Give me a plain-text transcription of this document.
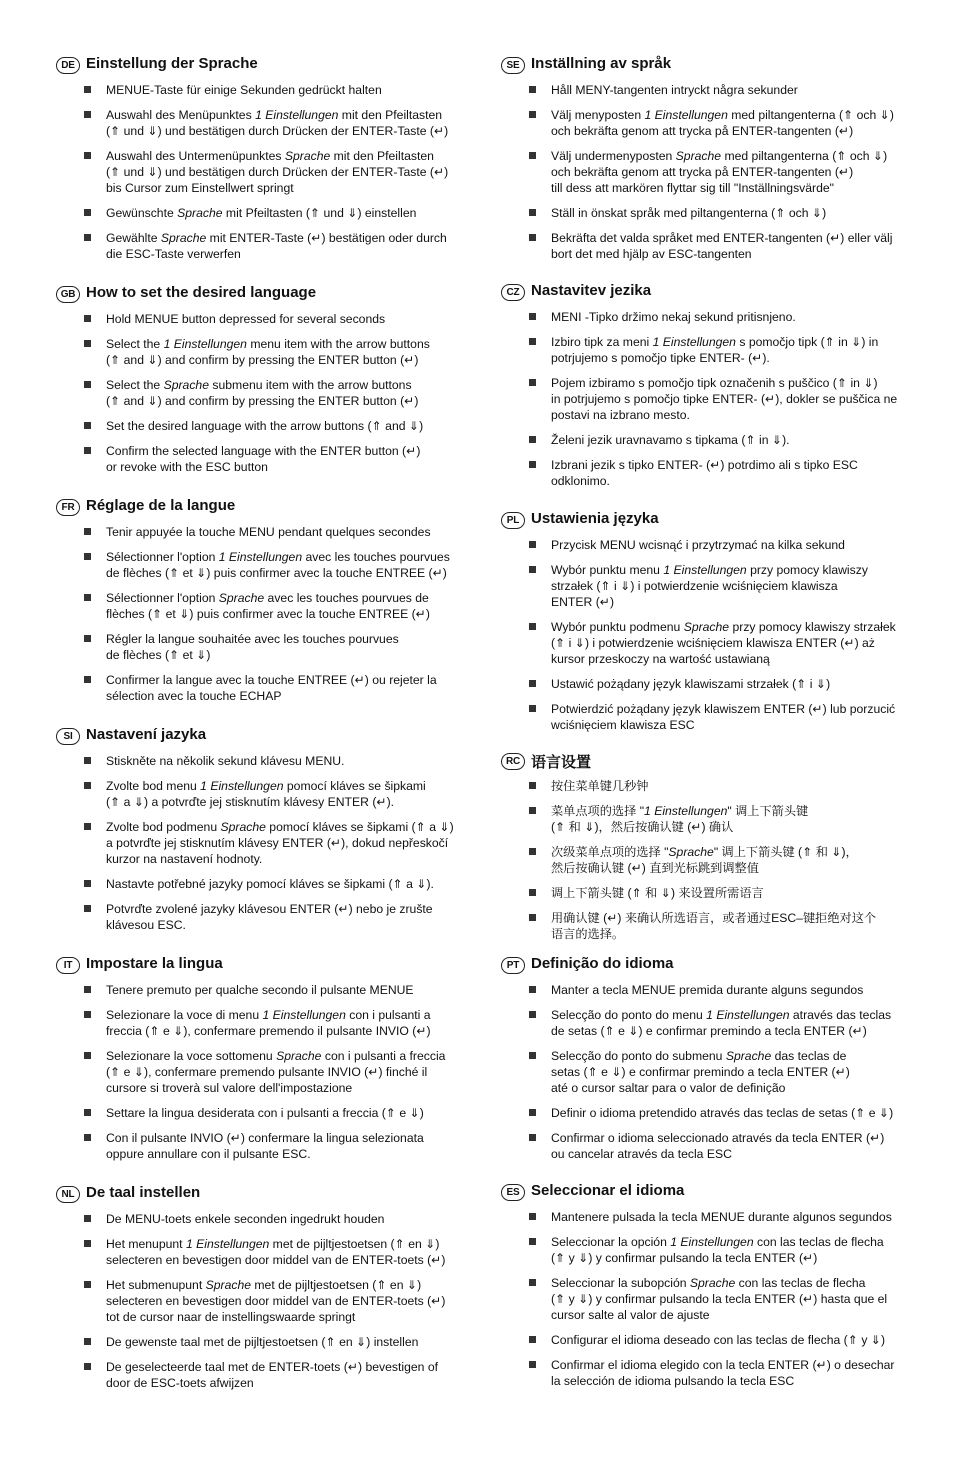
DE Einstellung der Sprache
MENUE-Taste für einige Sekunden gedrückt halten
Auswahl des Menüpunktes 1 Einstellungen mit den Pfeiltasten
(⇑ und ⇓) und bestätigen durch Drücken der ENTER-Taste (↵)
Auswahl des Untermenüpunktes Sprache mit den Pfeiltasten
(⇑ und ⇓) und bestätigen durch Drücken der ENTER-Taste (↵)
bis Cursor zum Einstellwert springt
Gewünschte Sprache mit Pfeiltasten (⇑ und ⇓) einstellen
Gewählte Sprache mit ENTER-Taste (↵) bestätigen oder durch
die ESC-Taste verwerfen
GB How to set the desired language
Hold MENUE button depressed for several seconds
Select the 1 Einstellungen menu item with the arrow buttons
(⇑ and ⇓) and confirm by pressing the ENTER button (↵)
Select the Sprache submenu item with the arrow buttons
(⇑ and ⇓) and confirm by pressing the ENTER button (↵)
Set the desired language with the arrow buttons (⇑ and ⇓)
Confirm the selected language with the ENTER button (↵)
or revoke with the ESC button
FR Réglage de la langue
Tenir appuyée la touche MENU pendant quelques secondes
Sélectionner l'option 1 Einstellungen avec les touches pourvues
de flèches (⇑ et ⇓) puis confirmer avec la touche ENTREE (↵)
Sélectionner l'option Sprache avec les touches pourvues de
flèches (⇑ et ⇓) puis confirmer avec la touche ENTREE (↵)
Régler la langue souhaitée avec les touches pourvues
de flèches (⇑ et ⇓)
Confirmer la langue avec la touche ENTREE (↵) ou rejeter la
sélection avec la touche ECHAP
SI Nastavení jazyka
Stiskněte na několik sekund klávesu MENU.
Zvolte bod menu 1 Einstellungen pomocí kláves se šipkami
(⇑ a ⇓) a potvrďte jej stisknutím klávesy ENTER (↵).
Zvolte bod podmenu Sprache pomocí kláves se šipkami (⇑ a ⇓)
a potvrďte jej stisknutím klávesy ENTER (↵), dokud nepřeskočí
kurzor na nastavení hodnoty.
Nastavte potřebné jazyky pomocí kláves se šipkami (⇑ a ⇓).
Potvrďte zvolené jazyky klávesou ENTER (↵) nebo je zrušte
klávesou ESC.
IT Impostare la lingua
Tenere premuto per qualche secondo il pulsante MENUE
Selezionare la voce di menu 1 Einstellungen con i pulsanti a
freccia (⇑ e ⇓), confermare premendo il pulsante INVIO (↵)
Selezionare la voce sottomenu Sprache con i pulsanti a freccia
(⇑ e ⇓), confermare premendo pulsante INVIO (↵) finché il
cursore si troverà sul valore dell'impostazione
Settare la lingua desiderata con i pulsanti a freccia (⇑ e ⇓)
Con il pulsante INVIO (↵) confermare la lingua selezionata
oppure annullare con il pulsante ESC.
NL De taal instellen
De MENU-toets enkele seconden ingedrukt houden
Het menupunt 1 Einstellungen met de pijltjestoetsen (⇑ en ⇓)
selecteren en bevestigen door middel van de ENTER-toets (↵)
Het submenupunt Sprache met de pijltjestoetsen (⇑ en ⇓)
selecteren en bevestigen door middel van de ENTER-toets (↵)
tot de cursor naar de instellingswaarde springt
De gewenste taal met de pijltjestoetsen (⇑ en ⇓) instellen
De geselecteerde taal met de ENTER-toets (↵) bevestigen of
door de ESC-toets afwijzen
SE Inställning av språk
Håll MENY-tangenten intryckt några sekunder
Välj menyposten 1 Einstellungen med piltangenterna (⇑ och ⇓)
och bekräfta genom att trycka på ENTER-tangenten (↵)
Välj undermenyposten Sprache med piltangenterna (⇑ och ⇓)
och bekräfta genom att trycka på ENTER-tangenten (↵)
till dess att markören flyttar sig till "Inställningsvärde"
Ställ in önskat språk med piltangenterna (⇑ och ⇓)
Bekräfta det valda språket med ENTER-tangenten (↵) eller välj
bort det med hjälp av ESC-tangenten
CZ Nastavitev jezika
MENI -Tipko držimo nekaj sekund pritisnjeno.
Izbiro tipk za meni 1 Einstellungen s pomočjo tipk (⇑ in ⇓) in
potrjujemo s pomočjo tipke ENTER- (↵).
Pojem izbiramo s pomočjo tipk označenih s puščico (⇑ in ⇓)
in potrjujemo s pomočjo tipke ENTER- (↵), dokler se puščica ne
postavi na izbrano mesto.
Želeni jezik uravnavamo s tipkama (⇑ in ⇓).
Izbrani jezik s tipko ENTER- (↵) potrdimo ali s tipko ESC
odklonimo.
PL Ustawienia języka
Przycisk MENU wcisnąć i przytrzymać na kilka sekund
Wybór punktu menu 1 Einstellungen przy pomocy klawiszy
strzałek (⇑ i ⇓) i potwierdzenie wciśnięciem klawisza
ENTER (↵)
Wybór punktu podmenu Sprache przy pomocy klawiszy strzałek
(⇑ i ⇓) i potwierdzenie wciśnięciem klawisza ENTER (↵) aż
kursor przeskoczy na wartość ustawianą
Ustawić pożądany język klawiszami strzałek (⇑ i ⇓)
Potwierdzić pożądany język klawiszem ENTER (↵) lub porzucić
wciśnięciem klawisza ESC
RC 语言设置
按住菜单键几秒钟
菜单点项的选择 "1 Einstellungen" 调上下箭头键
(⇑ 和 ⇓)，然后按确认键 (↵) 确认
次级菜单点项的选择 "Sprache" 调上下箭头键 (⇑ 和 ⇓)，
然后按确认键 (↵) 直到光标跳到调整值
调上下箭头键 (⇑ 和 ⇓) 来设置所需语言
用确认键 (↵) 来确认所选语言，或者通过ESC–键拒绝对这个
语言的选择。
PT Definição do idioma
Manter a tecla MENUE premida durante alguns segundos
Selecção do ponto do menu 1 Einstellungen através das teclas
de setas (⇑ e ⇓) e confirmar premindo a tecla ENTER (↵)
Selecção do ponto do submenu Sprache das teclas de
setas (⇑ e ⇓) e confirmar premindo a tecla ENTER (↵)
até o cursor saltar para o valor de definição
Definir o idioma pretendido através das teclas de setas (⇑ e ⇓)
Confirmar o idioma seleccionado através da tecla ENTER (↵)
ou cancelar através da tecla ESC
ES Seleccionar el idioma
Mantenere pulsada la tecla MENUE durante algunos segundos
Seleccionar la opción 1 Einstellungen con las teclas de flecha
(⇑ y ⇓) y confirmar pulsando la tecla ENTER (↵)
Seleccionar la subopción Sprache con las teclas de flecha
(⇑ y ⇓) y confirmar pulsando la tecla ENTER (↵) hasta que el
cursor salte al valor de ajuste
Configurar el idioma deseado con las teclas de flecha (⇑ y ⇓)
Confirmar el idioma elegido con la tecla ENTER (↵) o desechar
la selección de idioma pulsando la tecla ESC
